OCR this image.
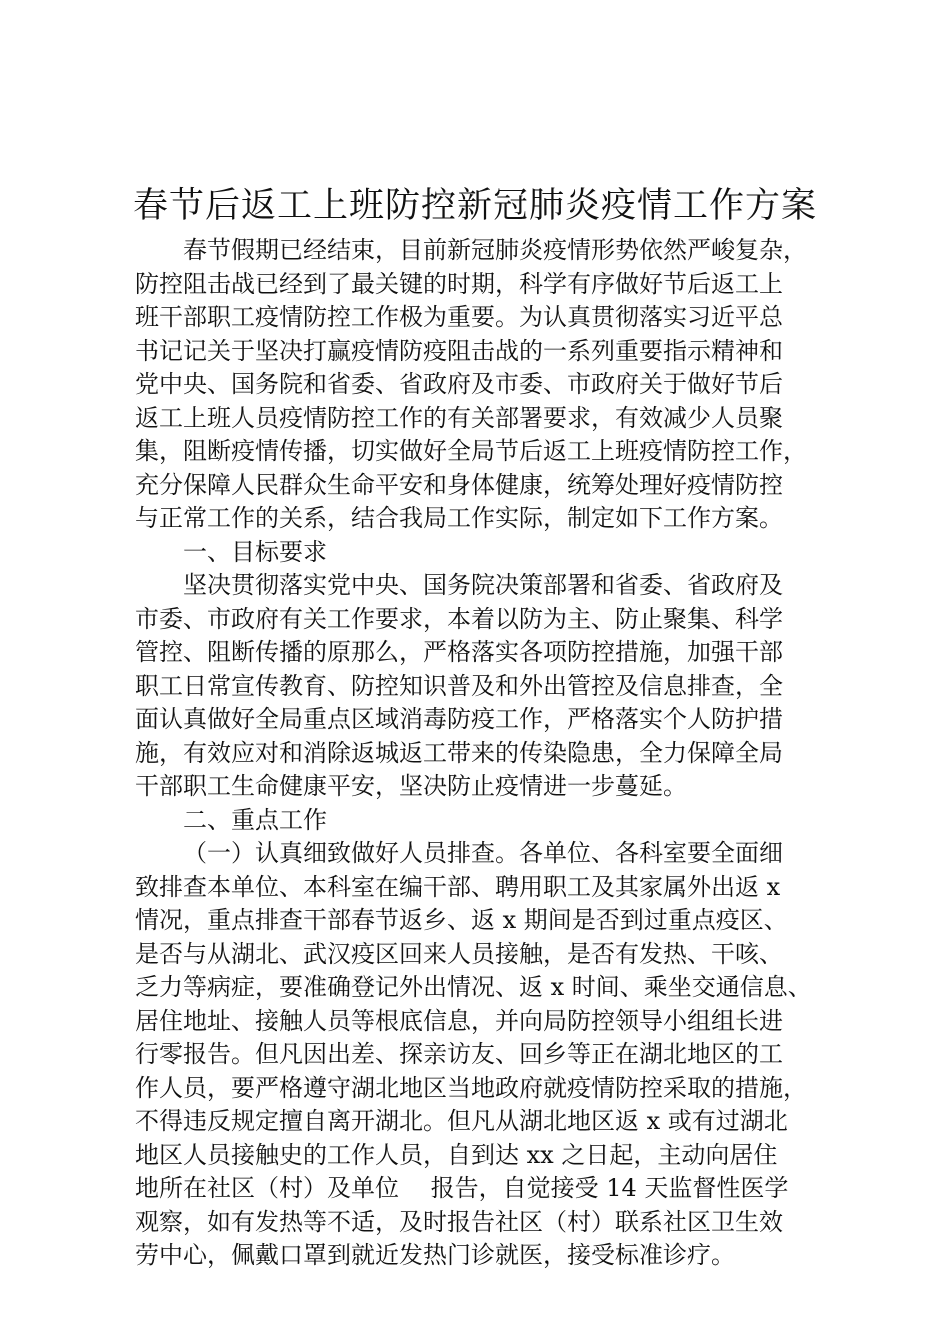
春节后返工上班防控新冠肺炎疫情工作方案
春节假期已经结束，目前新冠肺炎疫情形势依然严峻复杂，
防控阻击战已经到了最关键的时期，科学有序做好节后返工上
班干部职工疫情防控工作极为重要。为认真贯彻落实习近平总
书记记关于坚决打赢疫情防疫阻击战的一系列重要指示精神和
党中央、国务院和省委、省政府及市委、市政府关于做好节后
返工上班人员疫情防控工作的有关部署要求，有效减少人员聚
集，阻断疫情传播，切实做好全局节后返工上班疫情防控工作，
充分保障人民群众生命平安和身体健康，统筹处理好疫情防控
与正常工作的关系，结合我局工作实际，制定如下工作方案。
一、目标要求
坚决贯彻落实党中央、国务院决策部署和省委、省政府及
市委、市政府有关工作要求，本着以防为主、防止聚集、科学
管控、阻断传播的原那么，严格落实各项防控措施，加强干部
职工日常宣传教育、防控知识普及和外出管控及信息排查，全
面认真做好全局重点区域消毒防疫工作，严格落实个人防护措
施，有效应对和消除返城返工带来的传染隐患，全力保障全局
干部职工生命健康平安，坚决防止疫情进一步蔓延。
二、重点工作
（一）认真细致做好人员排查。各单位、各科室要全面细
致排查本单位、本科室在编干部、聘用职工及其家属外出返 x
情况，重点排查干部春节返乡、返 x 期间是否到过重点疫区、
是否与从湖北、武汉疫区回来人员接触，是否有发热、干咳、
乏力等病症，要准确登记外出情况、返 x 时间、乘坐交通信息、
居住地址、接触人员等根底信息，并向局防控领导小组组长进
行零报告。但凡因出差、探亲访友、回乡等正在湖北地区的工
作人员，要严格遵守湖北地区当地政府就疫情防控采取的措施，
不得违反规定擅自离开湖北。但凡从湖北地区返 x 或有过湖北
地区人员接触史的工作人员，自到达 xx 之日起，主动向居住
地所在社区（村）及单位　 报告，自觉接受 14 天监督性医学
观察，如有发热等不适，及时报告社区（村）联系社区卫生效
劳中心，佩戴口罩到就近发热门诊就医，接受标准诊疗。
